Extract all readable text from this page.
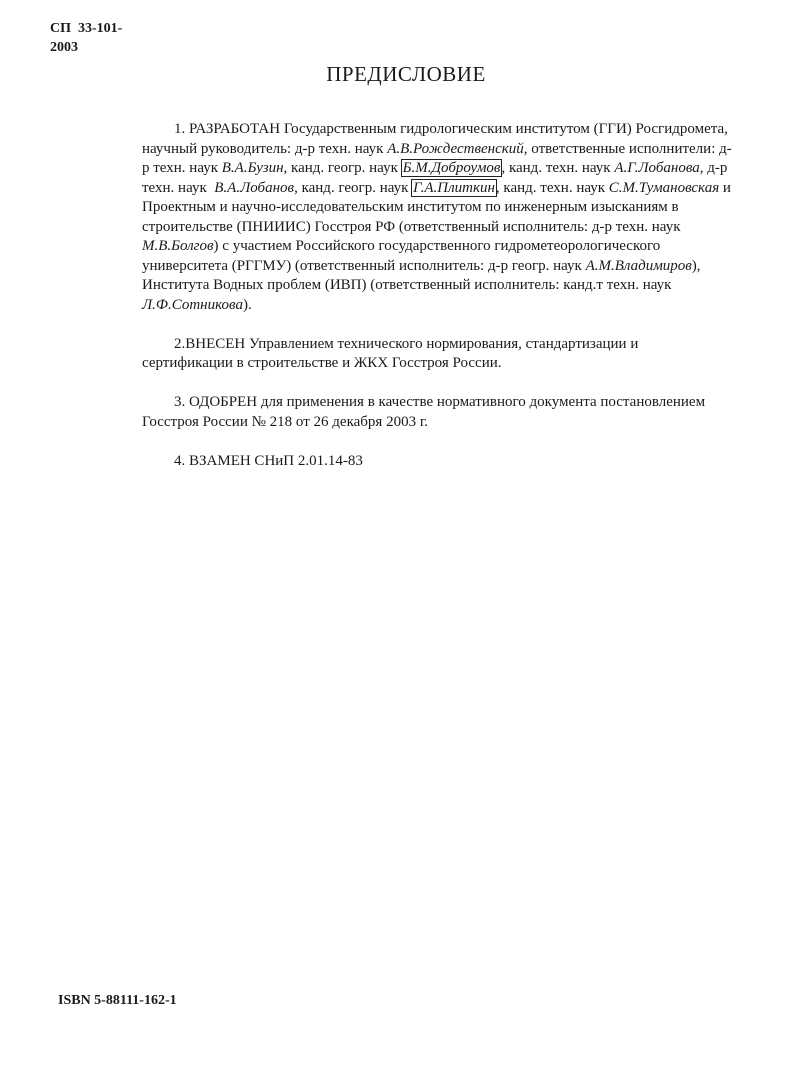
СП  33-101-
2003
ПРЕДИСЛОВИЕ

1. РАЗРАБОТАН Государственным гидрологическим институтом (ГГИ) Росгидромета, научный руководитель: д-р техн. наук А.В.Рождественский, ответственные исполнители: д-р техн. наук В.А.Бузин, канд. геогр. наук Б.М.Доброумов, канд. техн. наук А.Г.Лобанова, д-р техн. наук  В.А.Лобанов, канд. геогр. наук Г.А.Плиткин, канд. техн. наук С.М.Тумановская и Проектным и научно-исследовательским институтом по инженерным изысканиям в строительстве (ПНИИИС) Госстроя РФ (ответственный исполнитель: д-р техн. наук М.В.Болгов) с участием Российского государственного гидрометеорологического университета (РГГМУ) (ответственный исполнитель: д-р геогр. наук А.М.Владимиров), Института Водных проблем (ИВП) (ответственный исполнитель: канд.т техн. наук Л.Ф.Сотникова).

2.ВНЕСЕН Управлением технического нормирования, стандартизации и сертификации в строительстве и ЖКХ Госстроя России.

3. ОДОБРЕН для применения в качестве нормативного документа постановлением Госстроя России № 218 от 26 декабря 2003 г.

4. ВЗАМЕН СНиП 2.01.14-83

ISBN 5-88111-162-1
